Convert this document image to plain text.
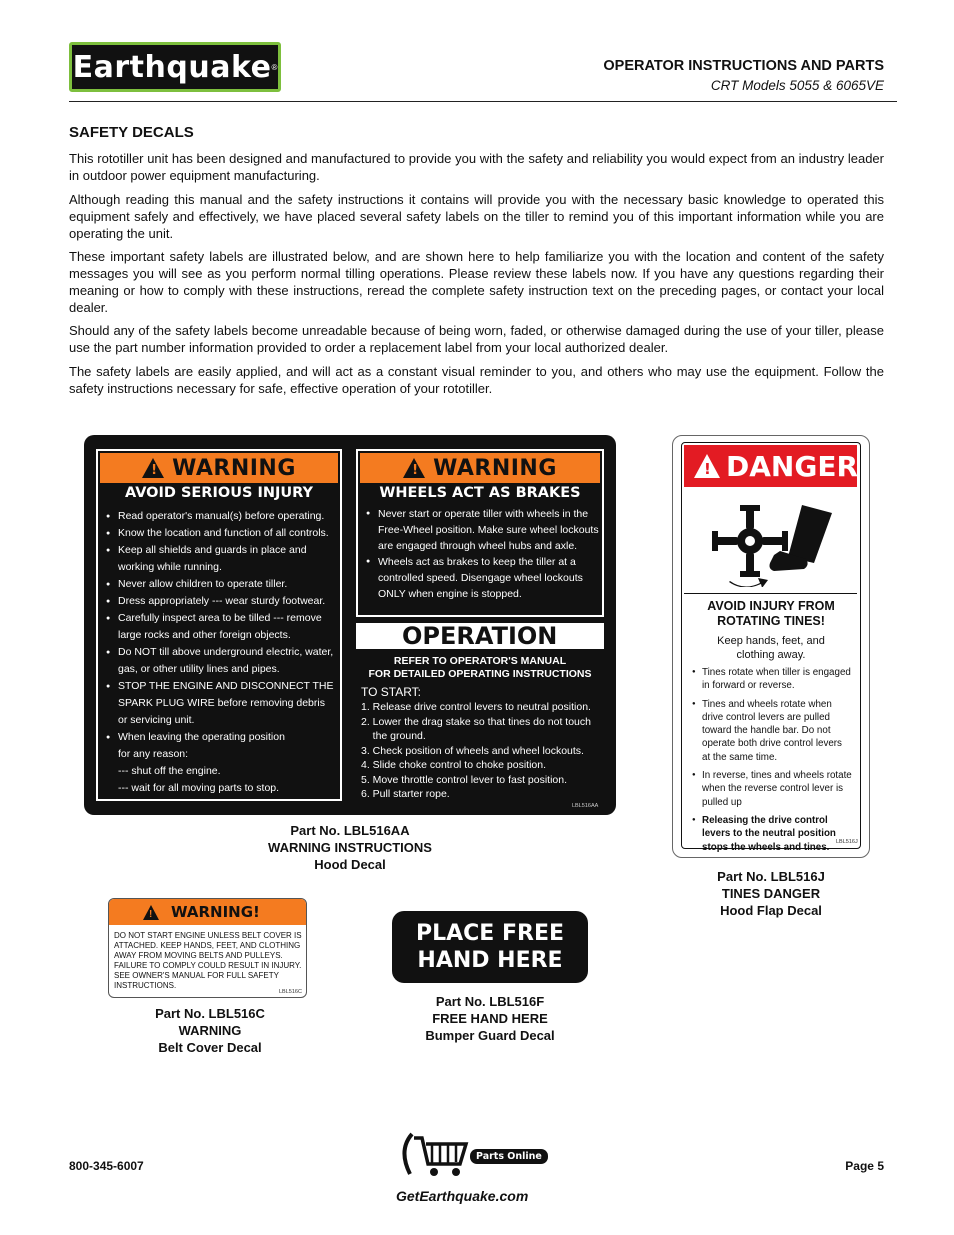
Earthquake ®	OPERATOR INSTRUCTIONS AND PARTS
CRT Models 5055 & 6065VE
SAFETY DECALS

This rototiller unit has been designed and manufactured to provide you with the safety and reliability you would expect from an industry leader in outdoor power equipment manufacturing.

Although reading this manual and the safety instructions it contains will provide you with the necessary basic knowledge to operated this equipment safely and effectively, we have placed several safety labels on the tiller to remind you of this important information while you are operating the unit.

These important safety labels are illustrated below, and are shown here to help familiarize you with the location and content of the safety messages you will see as you perform normal tilling operations. Please review these labels now. If you have any questions regarding their meaning or how to comply with these instructions, reread the complete safety instruction text on the preceding pages, or contact your local dealer.

Should any of the safety labels become unreadable because of being worn, faded, or otherwise damaged during the use of your tiller, please use the part number information provided to order a replacement label from your local authorized dealer.

The safety labels are easily applied, and will act as a constant visual reminder to you, and others who may use the equipment. Follow the safety instructions necessary for safe, effective operation of your rototiller.

! WARNING
AVOID SERIOUS INJURY
● Read operator's manual(s) before operating.
● Know the location and function of all controls.
● Keep all shields and guards in place and
working while running.
● Never allow children to operate tiller.
● Dress appropriately --- wear sturdy footwear.
● Carefully inspect area to be tilled --- remove
large rocks and other foreign objects.
● Do NOT till above underground electric, water,
gas, or other utility lines and pipes.
● STOP THE ENGINE AND DISCONNECT THE
SPARK PLUG WIRE before removing debris
or servicing unit.
● When leaving the operating position
for any reason:
--- shut off the engine.
--- wait for all moving parts to stop.
! WARNING
WHEELS ACT AS BRAKES
● Never start or operate tiller with wheels in the
Free-Wheel position. Make sure wheel lockouts
are engaged through wheel hubs and axle.
● Wheels act as brakes to keep the tiller at a
controlled speed. Disengage wheel lockouts
ONLY when engine is stopped.
OPERATION
REFER TO OPERATOR'S MANUAL
FOR DETAILED OPERATING INSTRUCTIONS
TO START:
1. Release drive control levers to neutral position.
2. Lower the drag stake so that tines do not touch
the ground.
3. Check position of wheels and wheel lockouts.
4. Slide choke control to choke position.
5. Move throttle control lever to fast position.
6. Pull starter rope.
LBL516AA
Part No. LBL516AA
WARNING INSTRUCTIONS
Hood Decal
! DANGER
AVOID INJURY FROM
ROTATING TINES!
Keep hands, feet, and
clothing away.
● Tines rotate when tiller is engaged in forward or reverse.
● Tines and wheels rotate when drive control levers are pulled toward the handle bar. Do not operate both drive control levers at the same time.
● In reverse, tines and wheels rotate when the reverse control lever is pulled up
● Releasing the drive control levers to the neutral position stops the wheels and tines.	LBL516J
Part No. LBL516J
TINES DANGER
Hood Flap Decal
! WARNING!
DO NOT START ENGINE UNLESS BELT COVER IS ATTACHED. KEEP HANDS, FEET, AND CLOTHING AWAY FROM MOVING BELTS AND PULLEYS. FAILURE TO COMPLY COULD RESULT IN INJURY. SEE OWNER'S MANUAL FOR FULL SAFETY INSTRUCTIONS.
LBL516C
Part No. LBL516C
WARNING
Belt Cover Decal
PLACE FREE
HAND HERE
Part No. LBL516F
FREE HAND HERE
Bumper Guard Decal
800-345-6007	Page 5
Parts Online
GetEarthquake.com
